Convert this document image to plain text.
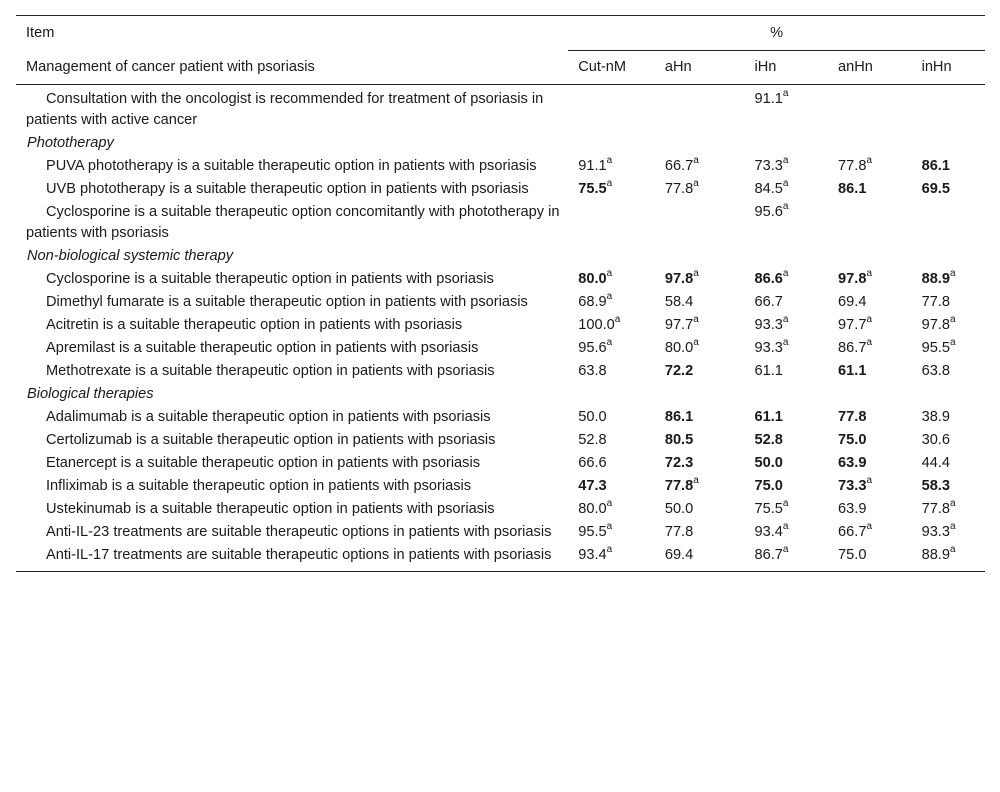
Item	%				
Management of cancer patient with psoriasis	Cut-nM	aHn	iHn	anHn	inHn
Consultation with the oncologist is recommended for treatment of psoriasis in patients with active cancer			91.1$^a$		
Phototherapy					
PUVA phototherapy is a suitable therapeutic option in patients with psoriasis	91.1$^a$	66.7$^a$	73.3$^a$	77.8$^a$	86.1
UVB phototherapy is a suitable therapeutic option in patients with psoriasis	75.5$^a$	77.8$^a$	84.5$^a$	86.1	69.5
Cyclosporine is a suitable therapeutic option concomitantly with phototherapy in patients with psoriasis			95.6$^a$		
Non-biological systemic therapy					
Cyclosporine is a suitable therapeutic option in patients with psoriasis	80.0$^a$	97.8$^a$	86.6$^a$	97.8$^a$	88.9$^a$
Dimethyl fumarate is a suitable therapeutic option in patients with psoriasis	68.9$^a$	58.4	66.7	69.4	77.8
Acitretin is a suitable therapeutic option in patients with psoriasis	100.0$^a$	97.7$^a$	93.3$^a$	97.7$^a$	97.8$^a$
Apremilast is a suitable therapeutic option in patients with psoriasis	95.6$^a$	80.0$^a$	93.3$^a$	86.7$^a$	95.5$^a$
Methotrexate is a suitable therapeutic option in patients with psoriasis	63.8	72.2	61.1	61.1	63.8
Biological therapies					
Adalimumab is a suitable therapeutic option in patients with psoriasis	50.0	86.1	61.1	77.8	38.9
Certolizumab is a suitable therapeutic option in patients with psoriasis	52.8	80.5	52.8	75.0	30.6
Etanercept is a suitable therapeutic option in patients with psoriasis	66.6	72.3	50.0	63.9	44.4
Infliximab is a suitable therapeutic option in patients with psoriasis	47.3	77.8$^a$	75.0	73.3$^a$	58.3
Ustekinumab is a suitable therapeutic option in patients with psoriasis	80.0$^a$	50.0	75.5$^a$	63.9	77.8$^a$
Anti-IL-23 treatments are suitable therapeutic options in patients with psoriasis	95.5$^a$	77.8	93.4$^a$	66.7$^a$	93.3$^a$
Anti-IL-17 treatments are suitable therapeutic options in patients with psoriasis	93.4$^a$	69.4	86.7$^a$	75.0	88.9$^a$
